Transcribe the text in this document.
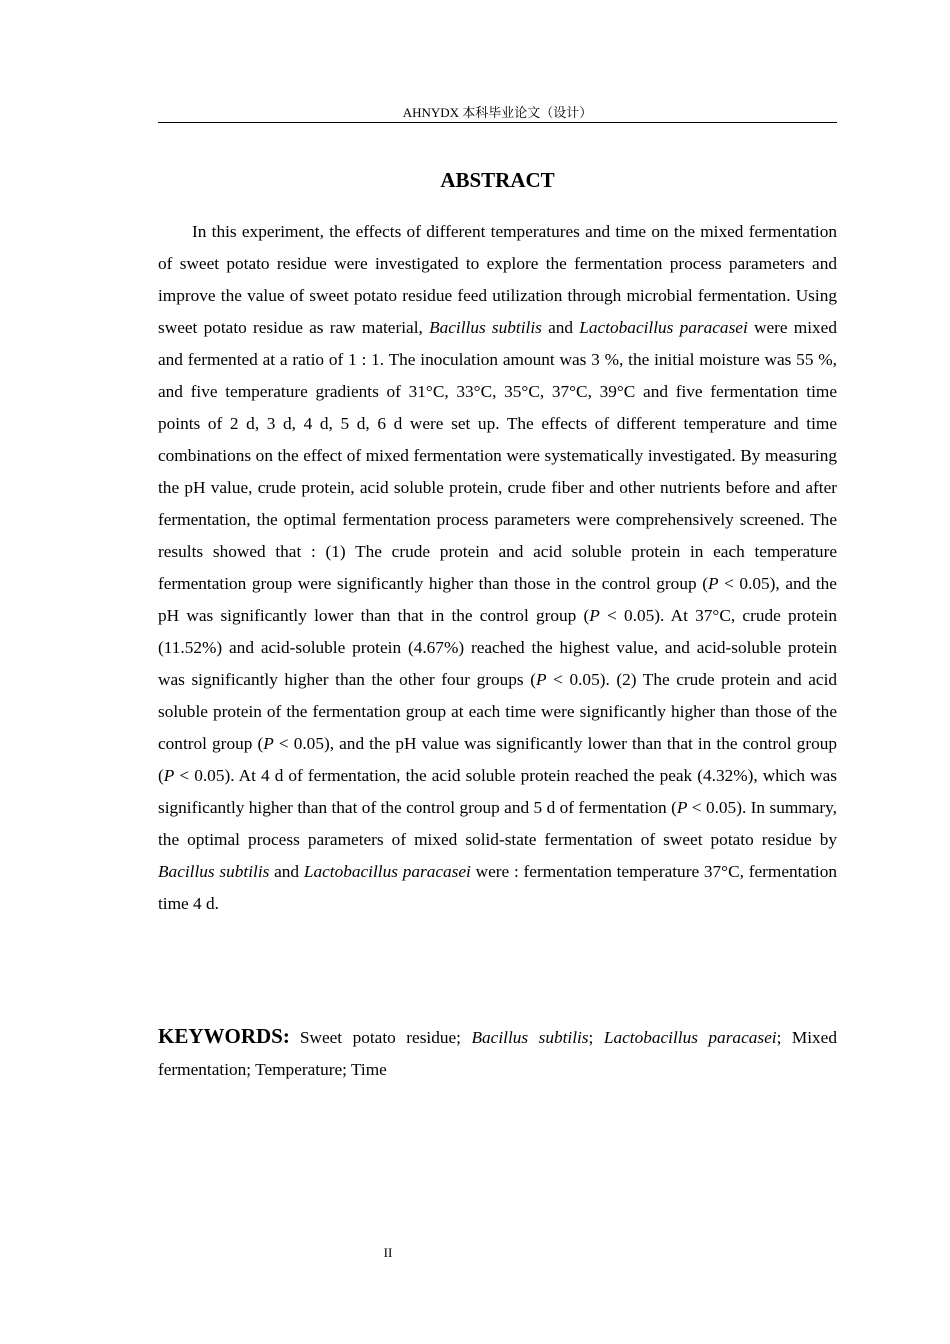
AHNYDX 本科毕业论文（设计）
ABSTRACT

In this experiment, the effects of different temperatures and time on the mixed fermentation of sweet potato residue were investigated to explore the fermentation process parameters and improve the value of sweet potato residue feed utilization through microbial fermentation. Using sweet potato residue as raw material, Bacillus subtilis and Lactobacillus paracasei were mixed and fermented at a ratio of 1 : 1. The inoculation amount was 3 %, the initial moisture was 55 %, and five temperature gradients of 31°C, 33°C, 35°C, 37°C, 39°C and five fermentation time points of 2 d, 3 d, 4 d, 5 d, 6 d were set up. The effects of different temperature and time combinations on the effect of mixed fermentation were systematically investigated. By measuring the pH value, crude protein, acid soluble protein, crude fiber and other nutrients before and after fermentation, the optimal fermentation process parameters were comprehensively screened. The results showed that : (1) The crude protein and acid soluble protein in each temperature fermentation group were significantly higher than those in the control group (P < 0.05), and the pH was significantly lower than that in the control group (P < 0.05). At 37°C, crude protein (11.52%) and acid-soluble protein (4.67%) reached the highest value, and acid-soluble protein was significantly higher than the other four groups (P < 0.05). (2) The crude protein and acid soluble protein of the fermentation group at each time were significantly higher than those of the control group (P < 0.05), and the pH value was significantly lower than that in the control group (P < 0.05). At 4 d of fermentation, the acid soluble protein reached the peak (4.32%), which was significantly higher than that of the control group and 5 d of fermentation (P < 0.05). In summary, the optimal process parameters of mixed solid-state fermentation of sweet potato residue by Bacillus subtilis and Lactobacillus paracasei were : fermentation temperature 37°C, fermentation time 4 d.

KEYWORDS: Sweet potato residue; Bacillus subtilis; Lactobacillus paracasei; Mixed fermentation; Temperature; Time

II
